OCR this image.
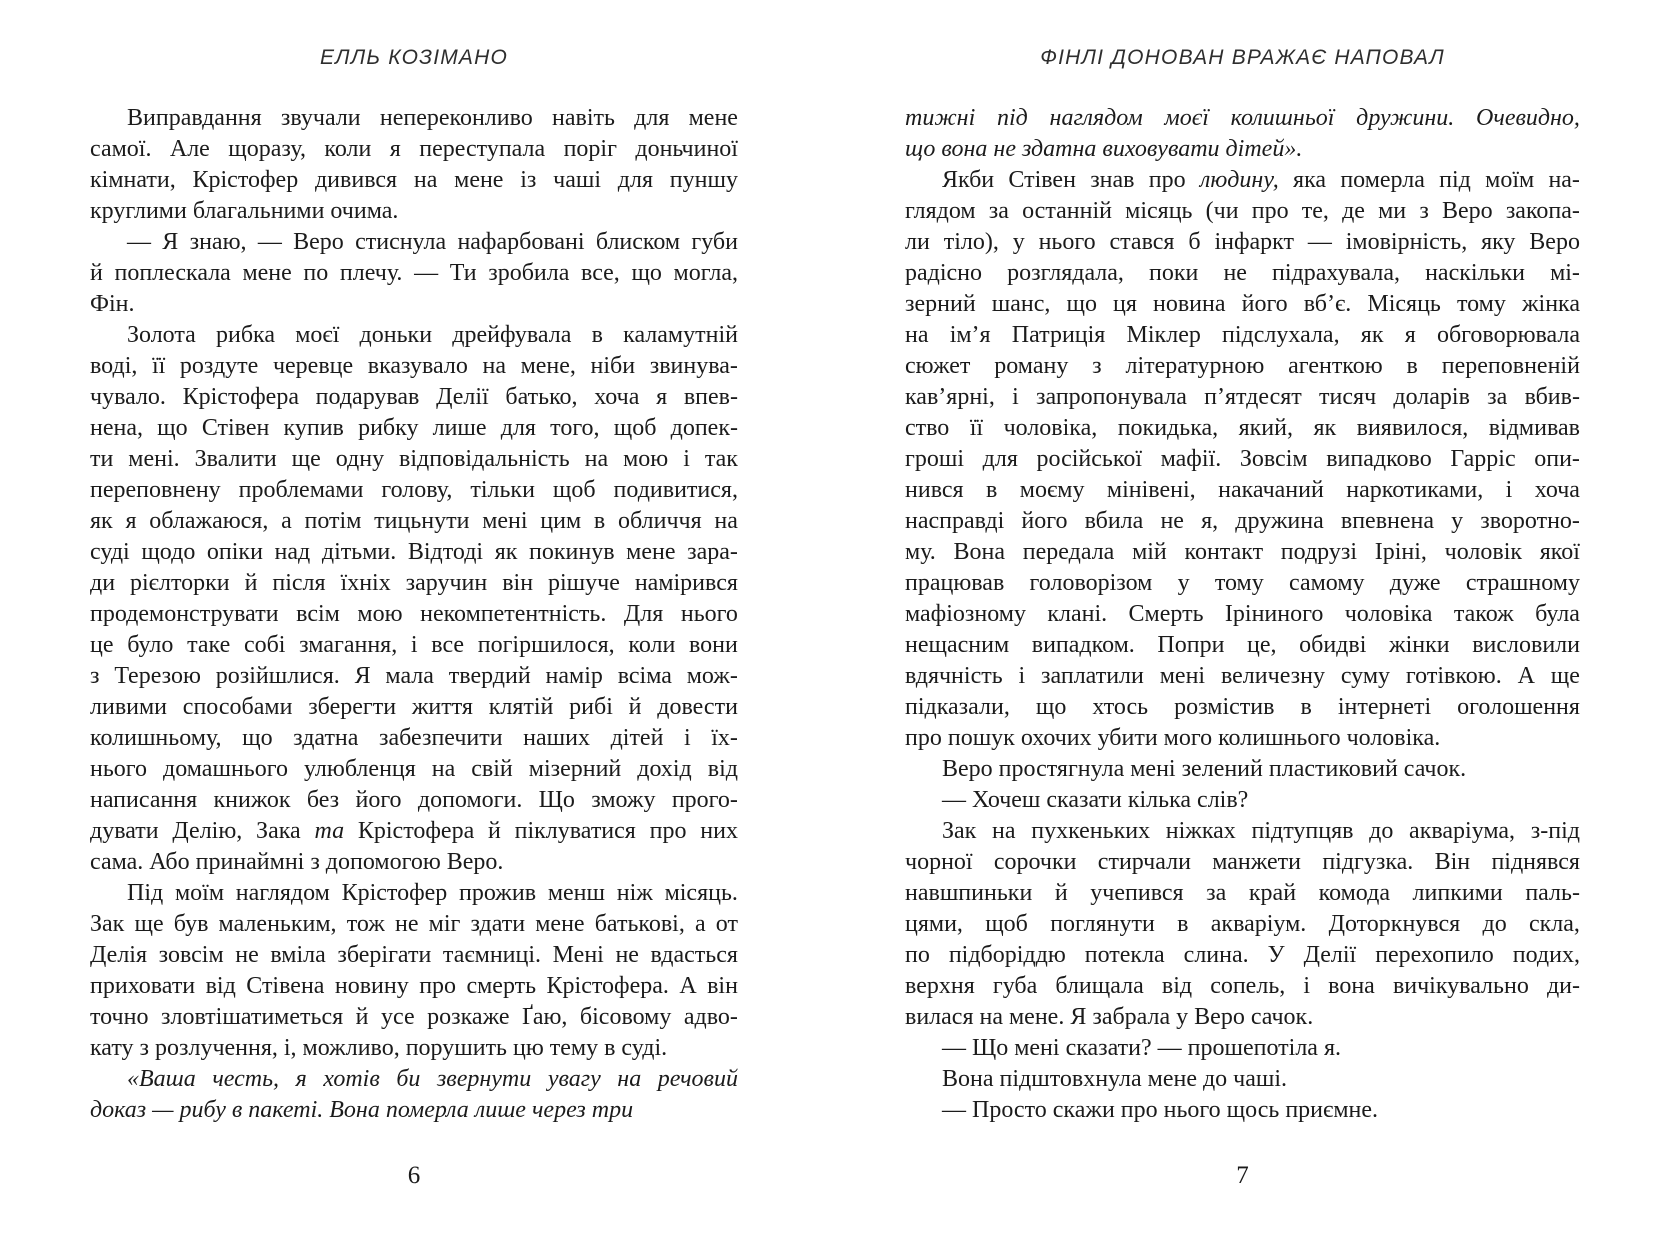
ЕЛЛЬ КОЗІМАНО
Виправдання звучали непереконливо навіть для мене
самої. Але щоразу, коли я переступала поріг доньчиної
кімнати, Крістофер дивився на мене із чаші для пуншу
круглими благальними очима.
— Я знаю, — Веро стиснула нафарбовані блиском губи
й поплескала мене по плечу. — Ти зробила все, що могла,
Фін.
Золота рибка моєї доньки дрейфувала в каламутній
воді, її роздуте черевце вказувало на мене, ніби звинува-
чувало. Крістофера подарував Делії батько, хоча я впев-
нена, що Стівен купив рибку лише для того, щоб допек-
ти мені. Звалити ще одну відповідальність на мою і так
переповнену проблемами голову, тільки щоб подивитися,
як я облажаюся, а потім тицьнути мені цим в обличчя на
суді щодо опіки над дітьми. Відтоді як покинув мене зара-
ди рієлторки й після їхніх заручин він рішуче намірився
продемонструвати всім мою некомпетентність. Для нього
це було таке собі змагання, і все погіршилося, коли вони
з Терезою розійшлися. Я мала твердий намір всіма мож-
ливими способами зберегти життя клятій рибі й довести
колишньому, що здатна забезпечити наших дітей і їх-
нього домашнього улюбленця на свій мізерний дохід від
написання книжок без його допомоги. Що зможу прого-
дувати Делію, Зака та Крістофера й піклуватися про них
сама. Або принаймні з допомогою Веро.
Під моїм наглядом Крістофер прожив менш ніж місяць.
Зак ще був маленьким, тож не міг здати мене батькові, а от
Делія зовсім не вміла зберігати таємниці. Мені не вдасться
приховати від Стівена новину про смерть Крістофера. А він
точно зловтішатиметься й усе розкаже Ґаю, бісовому адво-
кату з розлучення, і, можливо, порушить цю тему в суді.
«Ваша честь, я хотів би звернути увагу на речовий
доказ — рибу в пакеті. Вона померла лише через три
6
ФІНЛІ ДОНОВАН ВРАЖАЄ НАПОВАЛ
тижні під наглядом моєї колишньої дружини. Очевидно,
що вона не здатна виховувати дітей».
Якби Стівен знав про людину, яка померла під моїм на-
глядом за останній місяць (чи про те, де ми з Веро закопа-
ли тіло), у нього стався б інфаркт — імовірність, яку Веро
радісно розглядала, поки не підрахувала, наскільки мі-
зерний шанс, що ця новина його вб’є. Місяць тому жінка
на ім’я Патриція Міклер підслухала, як я обговорювала
сюжет роману з літературною агенткою в переповненій
кав’ярні, і запропонувала п’ятдесят тисяч доларів за вбив-
ство її чоловіка, покидька, який, як виявилося, відмивав
гроші для російської мафії. Зовсім випадково Гарріс опи-
нився в моєму мінівені, накачаний наркотиками, і хоча
насправді його вбила не я, дружина впевнена у зворотно-
му. Вона передала мій контакт подрузі Іріні, чоловік якої
працював головорізом у тому самому дуже страшному
мафіозному клані. Смерть Іріниного чоловіка також була
нещасним випадком. Попри це, обидві жінки висловили
вдячність і заплатили мені величезну суму готівкою. А ще
підказали, що хтось розмістив в інтернеті оголошення
про пошук охочих убити мого колишнього чоловіка.
Веро простягнула мені зелений пластиковий сачок.
— Хочеш сказати кілька слів?
Зак на пухкеньких ніжках підтупцяв до акваріума, з-під
чорної сорочки стирчали манжети підгузка. Він піднявся
навшпиньки й учепився за край комода липкими паль-
цями, щоб поглянути в акваріум. Доторкнувся до скла,
по підборіддю потекла слина. У Делії перехопило подих,
верхня губа блищала від сопель, і вона вичікувально ди-
вилася на мене. Я забрала у Веро сачок.
— Що мені сказати? — прошепотіла я.
Вона підштовхнула мене до чаші.
— Просто скажи про нього щось приємне.
7
